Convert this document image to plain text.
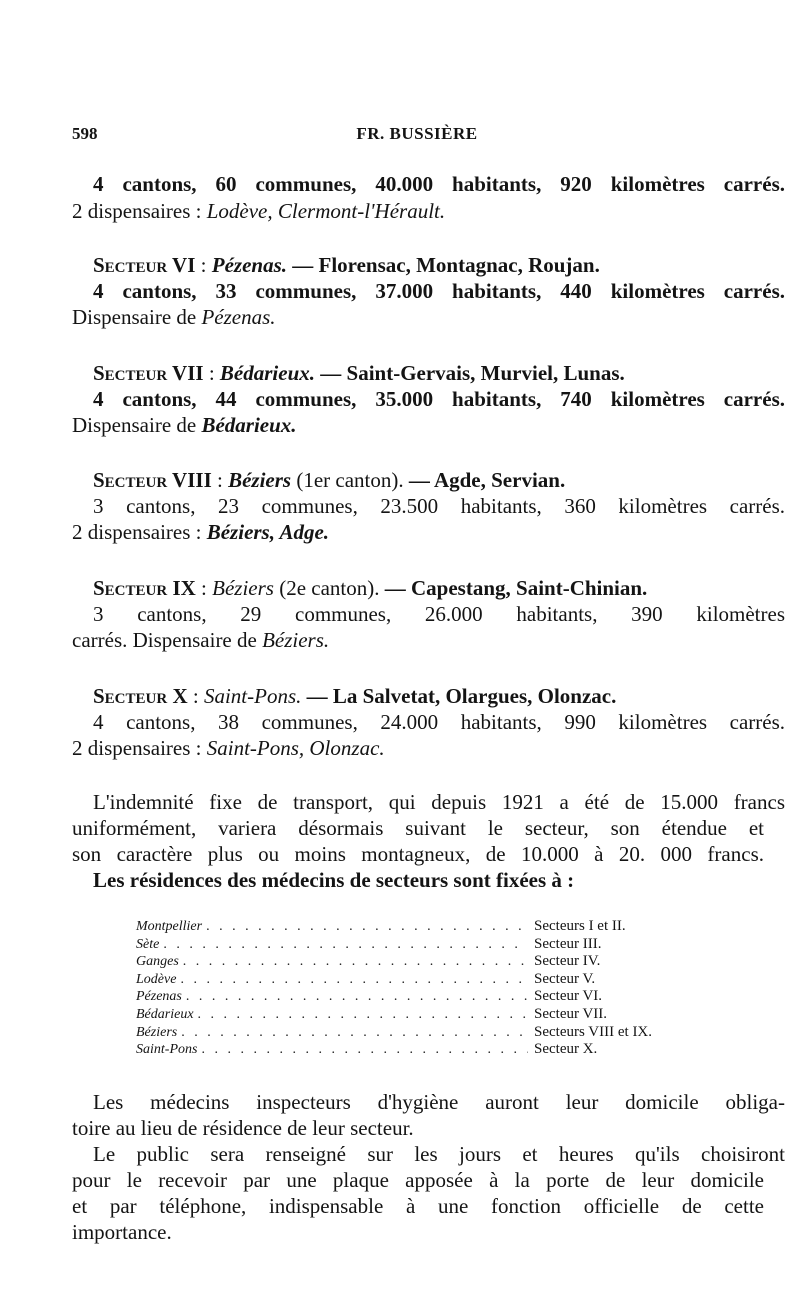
598	FR. BUSSIÈRE
4 cantons, 60 communes, 40.000 habitants, 920 kilomètres carrés.
2 dispensaires : Lodève, Clermont-l'Hérault.
Secteur VI : Pézenas. — Florensac, Montagnac, Roujan.
4 cantons, 33 communes, 37.000 habitants, 440 kilomètres carrés.
Dispensaire de Pézenas.
Secteur VII : Bédarieux. — Saint-Gervais, Murviel, Lunas.
4 cantons, 44 communes, 35.000 habitants, 740 kilomètres carrés.
Dispensaire de Bédarieux.
Secteur VIII : Béziers (1er canton). — Agde, Servian.
3 cantons, 23 communes, 23.500 habitants, 360 kilomètres carrés.
2 dispensaires : Béziers, Adge.
Secteur IX : Béziers (2e canton). — Capestang, Saint-Chinian.
3 cantons, 29 communes, 26.000 habitants, 390 kilomètres
carrés. Dispensaire de Béziers.
Secteur X : Saint-Pons. — La Salvetat, Olargues, Olonzac.
4 cantons, 38 communes, 24.000 habitants, 990 kilomètres carrés.
2 dispensaires : Saint-Pons, Olonzac.
L'indemnité fixe de transport, qui depuis 1921 a été de 15.000 francs
uniformément, variera désormais suivant le secteur, son étendue et
son caractère plus ou moins montagneux, de 10.000 à 20. 000 francs.
Les résidences des médecins de secteurs sont fixées à :
Montpellier . . .	Secteurs I et II.
Sète . . .	Secteur III.
Ganges . . .	Secteur IV.
Lodève . . .	Secteur V.
Pézenas . . .	Secteur VI.
Bédarieux . . .	Secteur VII.
Béziers . . .	Secteurs VIII et IX.
Saint-Pons . . .	Secteur X.
Les médecins inspecteurs d'hygiène auront leur domicile obliga-
toire au lieu de résidence de leur secteur.
Le public sera renseigné sur les jours et heures qu'ils choisiront
pour le recevoir par une plaque apposée à la porte de leur domicile
et par téléphone, indispensable à une fonction officielle de cette
importance.
